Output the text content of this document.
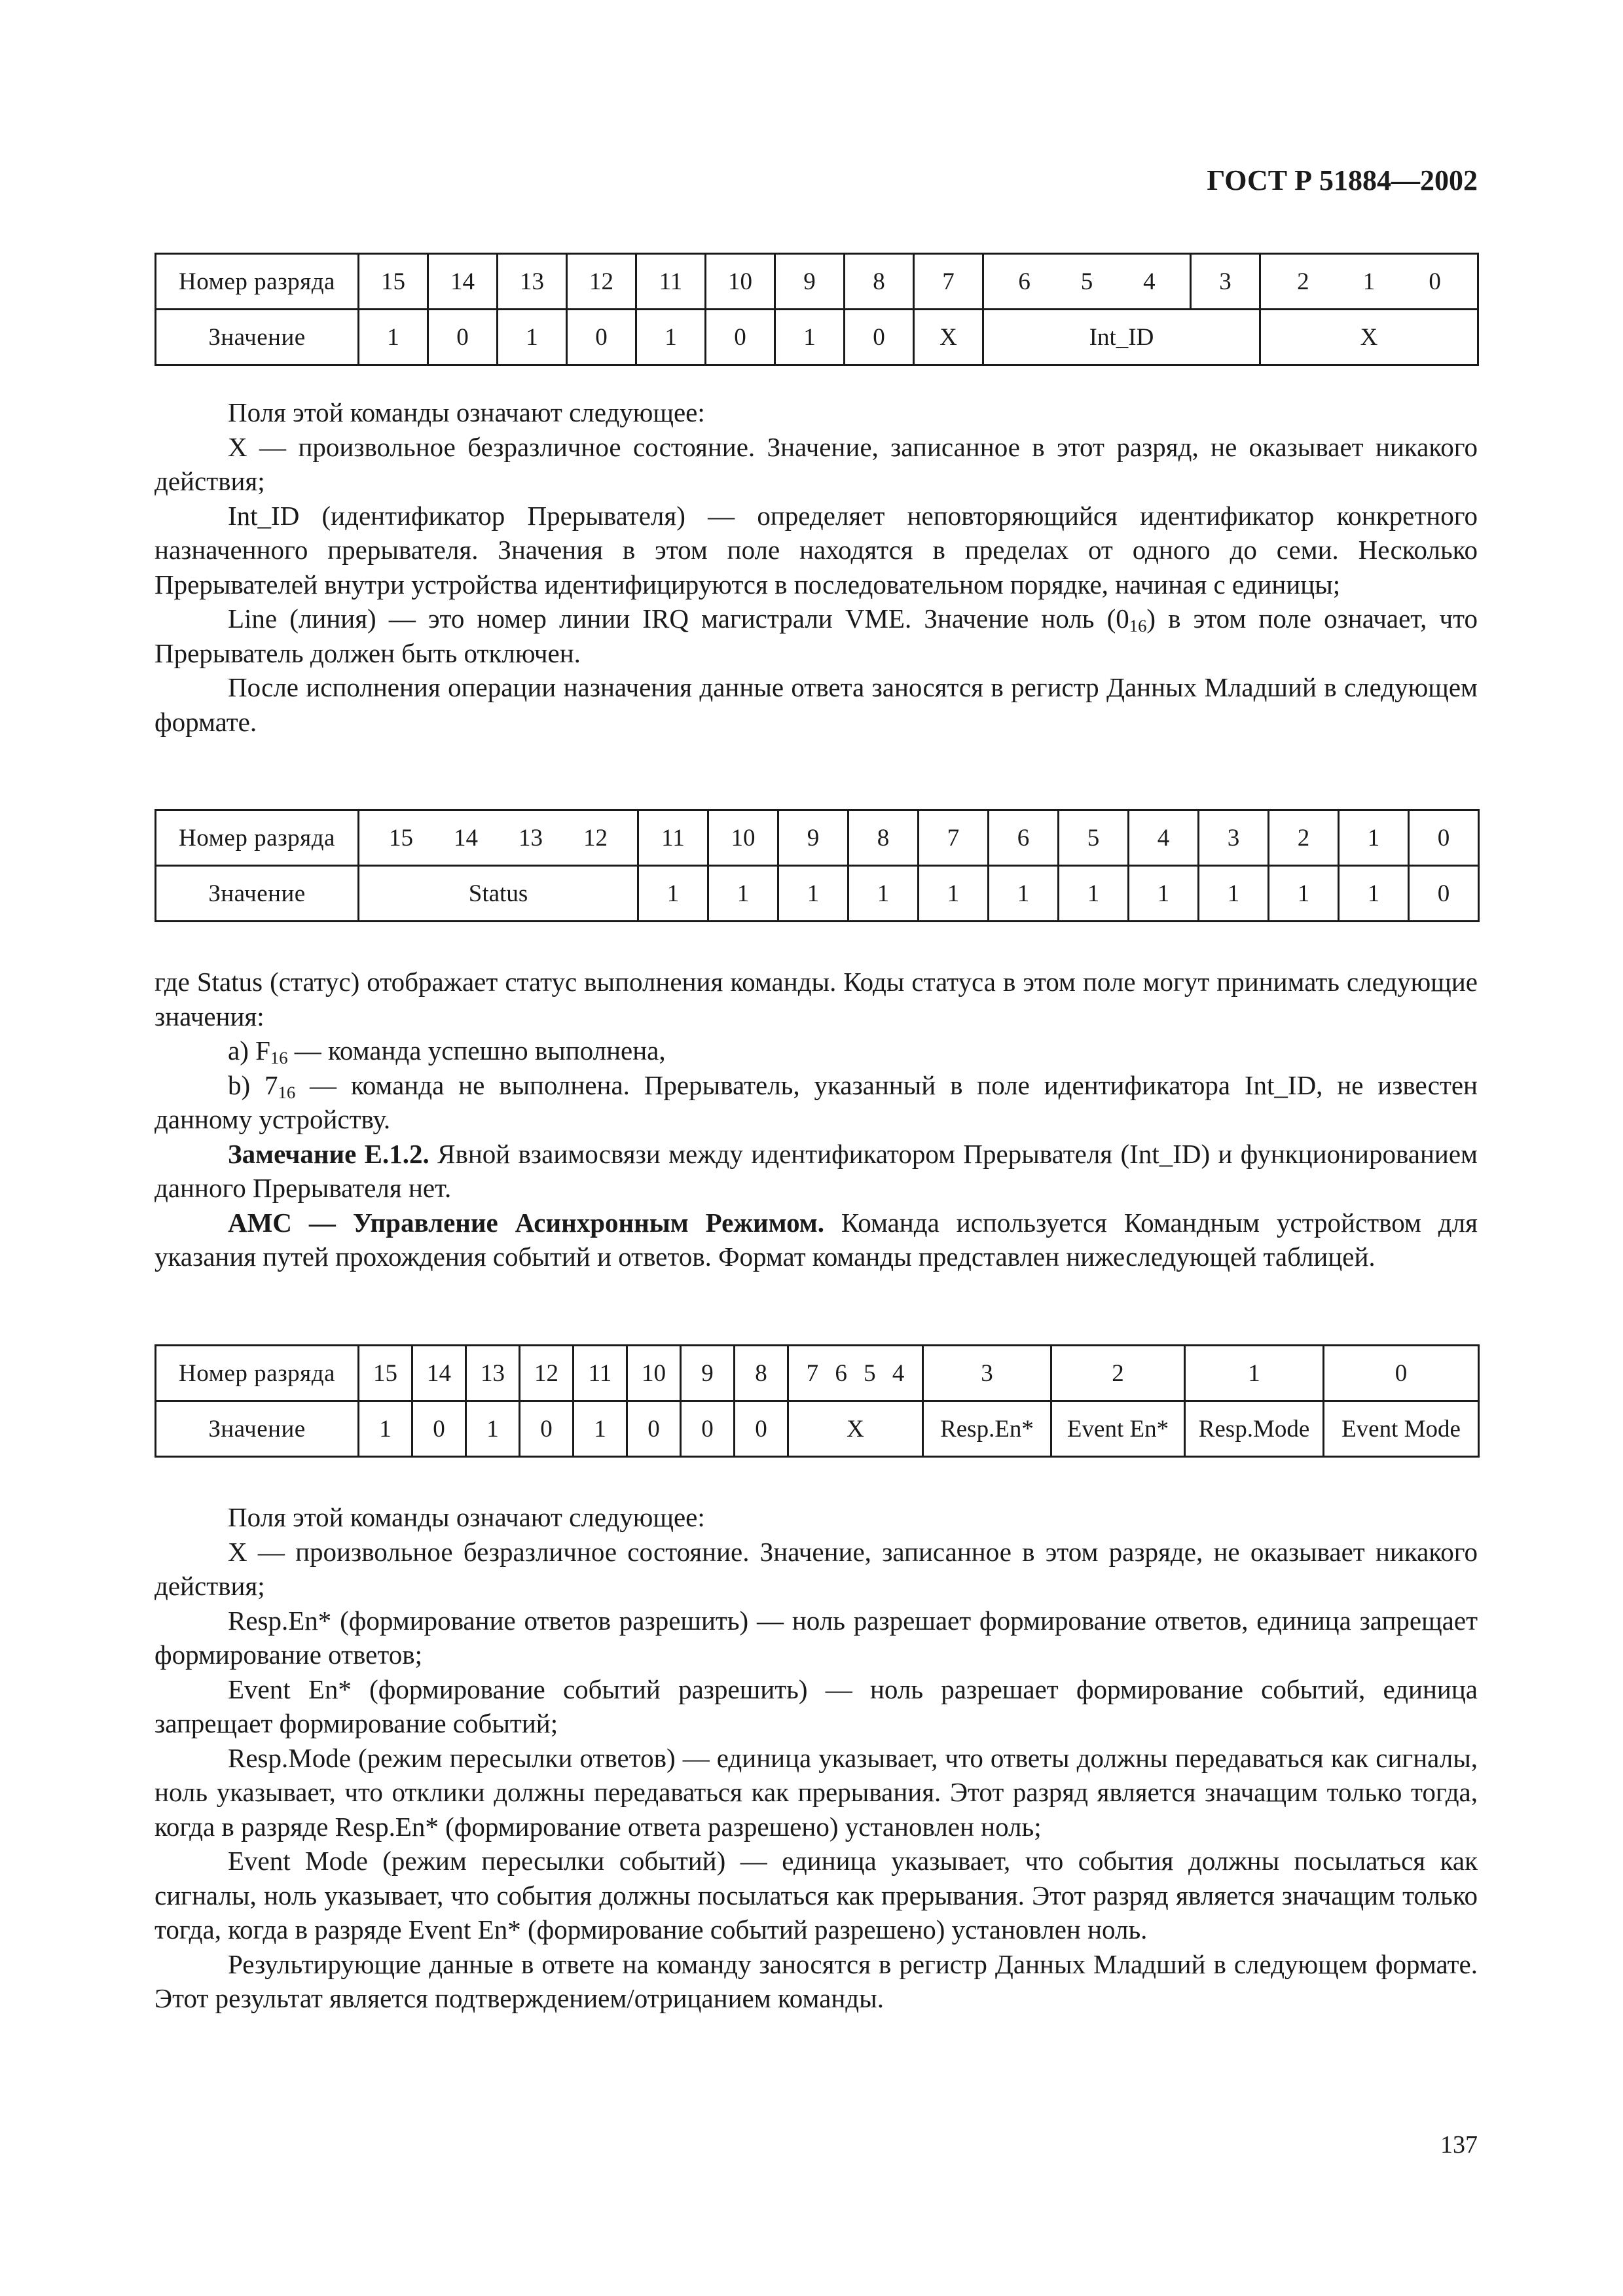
ГОСТ Р 51884—2002
Номер разряда	15	14	13	12	11	10	9	8	7	6 5 4	3	2 1 0	

Значение	1	0	1	0	1	0	1	0	X	Int_ID		X	

Поля этой команды означают следующее:

X — произвольное безразличное состояние. Значение, записанное в этот разряд, не оказывает никакого действия;

Int_ID (идентификатор Прерывателя) — определяет неповторяющийся идентификатор конкретного назначенного прерывателя. Значения в этом поле находятся в пределах от одного до семи. Несколько Прерывателей внутри устройства идентифицируются в последовательном порядке, начиная с единицы;

Line (линия) — это номер линии IRQ магистрали VME. Значение ноль $(0_{16})$ в этом поле означает, что Прерыватель должен быть отключен.

После исполнения операции назначения данные ответа заносятся в регистр Данных Младший в следующем формате.

Номер разряда	15 14 13 12	11	10	9	8	7	6	5	4	3	2	1	0
Значение	Status	1	1	1	1	1	1	1	1	1	1	1	0

где Status (статус) отображает статус выполнения команды. Коды статуса в этом поле могут принимать следующие значения:

а) $F_{16}$ — команда успешно выполнена,

b) $7_{16}$ — команда не выполнена. Прерыватель, указанный в поле идентификатора Int_ID, не известен данному устройству.

Замечание Е.1.2. Явной взаимосвязи между идентификатором Прерывателя (Int_ID) и функционированием данного Прерывателя нет.

AMC — Управление Асинхронным Режимом. Команда используется Командным устройством для указания путей прохождения событий и ответов. Формат команды представлен нижеследующей таблицей.

Номер разряда	15	14	13	12	11	10	9	8	7 6 5 4	3	2	1	0
Значение	1	0	1	0	1	0	0	0	X	Resp.En*	Event En*	Resp.Mode	Event Mode

Поля этой команды означают следующее:

X — произвольное безразличное состояние. Значение, записанное в этом разряде, не оказывает никакого действия;

Resp.En* (формирование ответов разрешить) — ноль разрешает формирование ответов, единица запрещает формирование ответов;

Event En* (формирование событий разрешить) — ноль разрешает формирование событий, единица запрещает формирование событий;

Resp.Mode (режим пересылки ответов) — единица указывает, что ответы должны передаваться как сигналы, ноль указывает, что отклики должны передаваться как прерывания. Этот разряд является значащим только тогда, когда в разряде Resp.En* (формирование ответа разрешено) установлен ноль;

Event Mode (режим пересылки событий) — единица указывает, что события должны посылаться как сигналы, ноль указывает, что события должны посылаться как прерывания. Этот разряд является значащим только тогда, когда в разряде Event En* (формирование событий разрешено) установлен ноль.

Результирующие данные в ответе на команду заносятся в регистр Данных Младший в следующем формате. Этот результат является подтверждением/отрицанием команды.

137
